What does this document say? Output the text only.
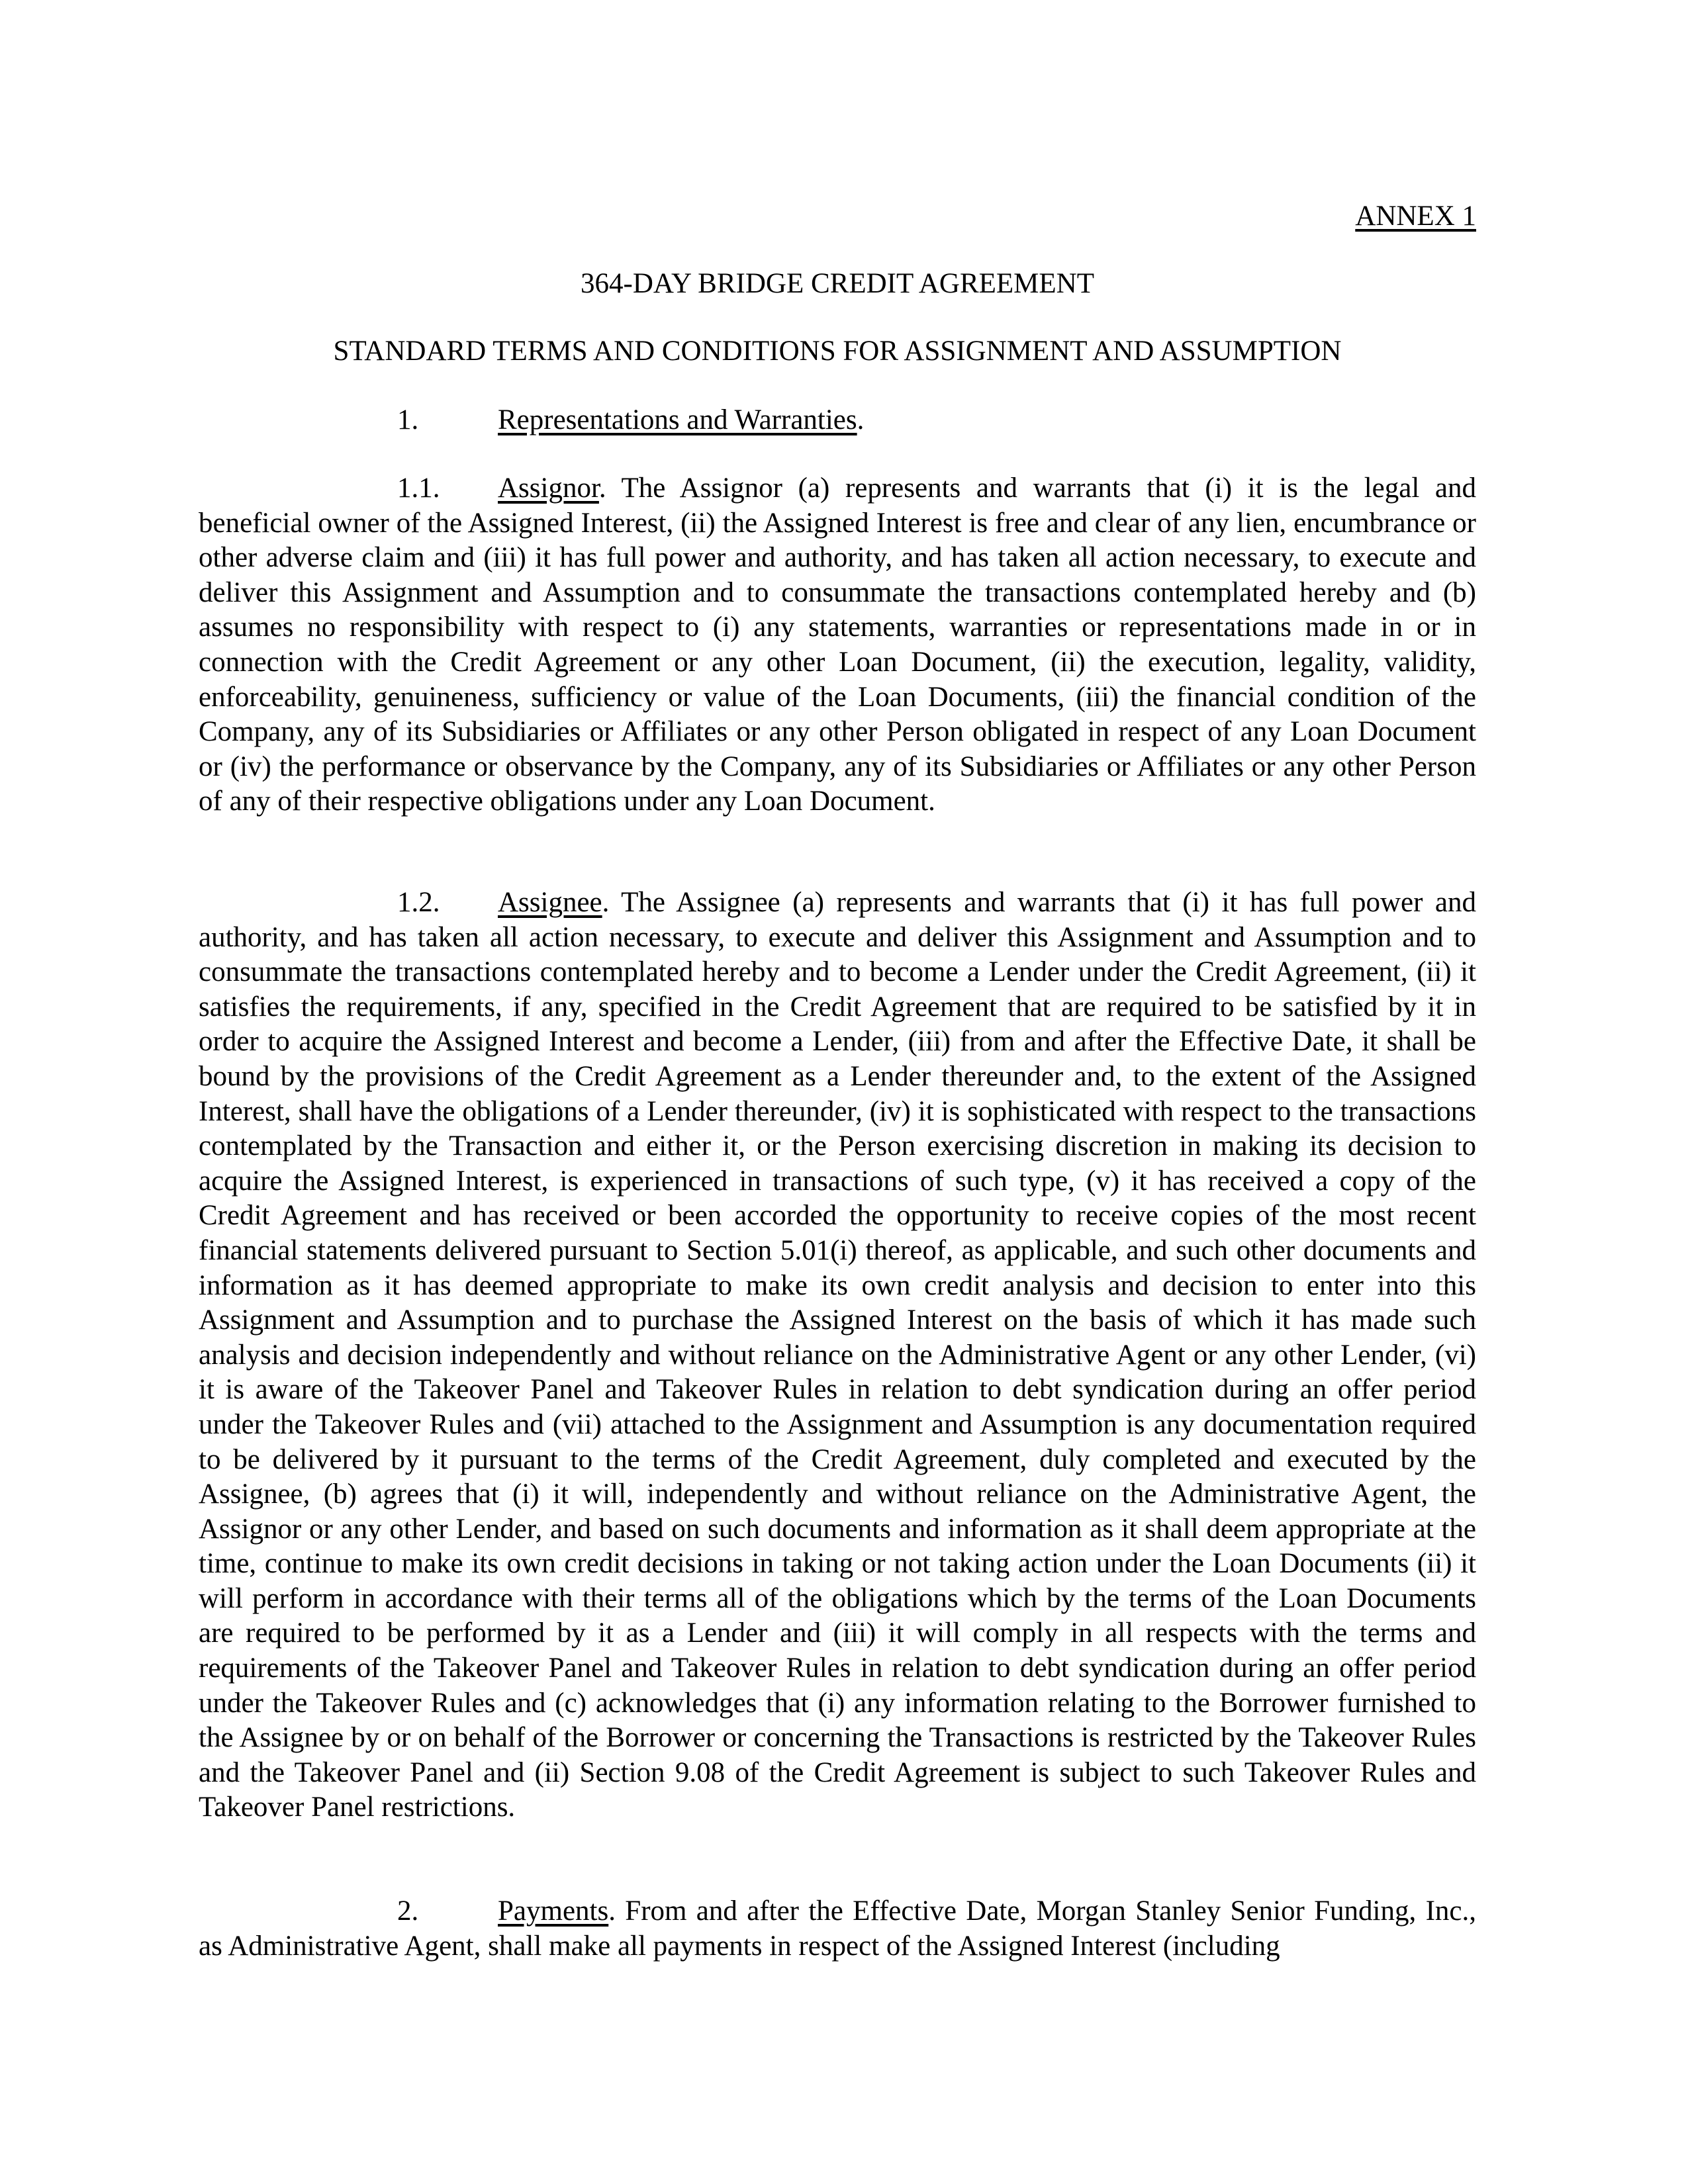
ANNEX 1
364-DAY BRIDGE CREDIT AGREEMENT
STANDARD TERMS AND CONDITIONS FOR ASSIGNMENT AND ASSUMPTION
1.	Representations and Warranties.

1.1. Assignor. The Assignor (a) represents and warrants that (i) it is the legal and beneficial owner of the Assigned Interest, (ii) the Assigned Interest is free and clear of any lien, encumbrance or other adverse claim and (iii) it has full power and authority, and has taken all action necessary, to execute and deliver this Assignment and Assumption and to consummate the transactions contemplated hereby and (b) assumes no responsibility with respect to (i) any statements, warranties or representations made in or in connection with the Credit Agreement or any other Loan Document, (ii) the execution, legality, validity, enforceability, genuineness, sufficiency or value of the Loan Documents, (iii) the financial condition of the Company, any of its Subsidiaries or Affiliates or any other Person obligated in respect of any Loan Document or (iv) the performance or observance by the Company, any of its Subsidiaries or Affiliates or any other Person of any of their respective obligations under any Loan Document.

1.2. Assignee. The Assignee (a) represents and warrants that (i) it has full power and authority, and has taken all action necessary, to execute and deliver this Assignment and Assumption and to consummate the transactions contemplated hereby and to become a Lender under the Credit Agreement, (ii) it satisfies the requirements, if any, specified in the Credit Agreement that are required to be satisfied by it in order to acquire the Assigned Interest and become a Lender, (iii) from and after the Effective Date, it shall be bound by the provisions of the Credit Agreement as a Lender thereunder and, to the extent of the Assigned Interest, shall have the obligations of a Lender thereunder, (iv) it is sophisticated with respect to the transactions contemplated by the Transaction and either it, or the Person exercising discretion in making its decision to acquire the Assigned Interest, is experienced in transactions of such type, (v) it has received a copy of the Credit Agreement and has received or been accorded the opportunity to receive copies of the most recent financial statements delivered pursuant to Section 5.01(i) thereof, as applicable, and such other documents and information as it has deemed appropriate to make its own credit analysis and decision to enter into this Assignment and Assumption and to purchase the Assigned Interest on the basis of which it has made such analysis and decision independently and without reliance on the Administrative Agent or any other Lender, (vi) it is aware of the Takeover Panel and Takeover Rules in relation to debt syndication during an offer period under the Takeover Rules and (vii) attached to the Assignment and Assumption is any documentation required to be delivered by it pursuant to the terms of the Credit Agreement, duly completed and executed by the Assignee, (b) agrees that (i) it will, independently and without reliance on the Administrative Agent, the Assignor or any other Lender, and based on such documents and information as it shall deem appropriate at the time, continue to make its own credit decisions in taking or not taking action under the Loan Documents (ii) it will perform in accordance with their terms all of the obligations which by the terms of the Loan Documents are required to be performed by it as a Lender and (iii) it will comply in all respects with the terms and requirements of the Takeover Panel and Takeover Rules in relation to debt syndication during an offer period under the Takeover Rules and (c) acknowledges that (i) any information relating to the Borrower furnished to the Assignee by or on behalf of the Borrower or concerning the Transactions is restricted by the Takeover Rules and the Takeover Panel and (ii) Section 9.08 of the Credit Agreement is subject to such Takeover Rules and Takeover Panel restrictions.

2.	Payments. From and after the Effective Date, Morgan Stanley Senior Funding, Inc., as Administrative Agent, shall make all payments in respect of the Assigned Interest (including
